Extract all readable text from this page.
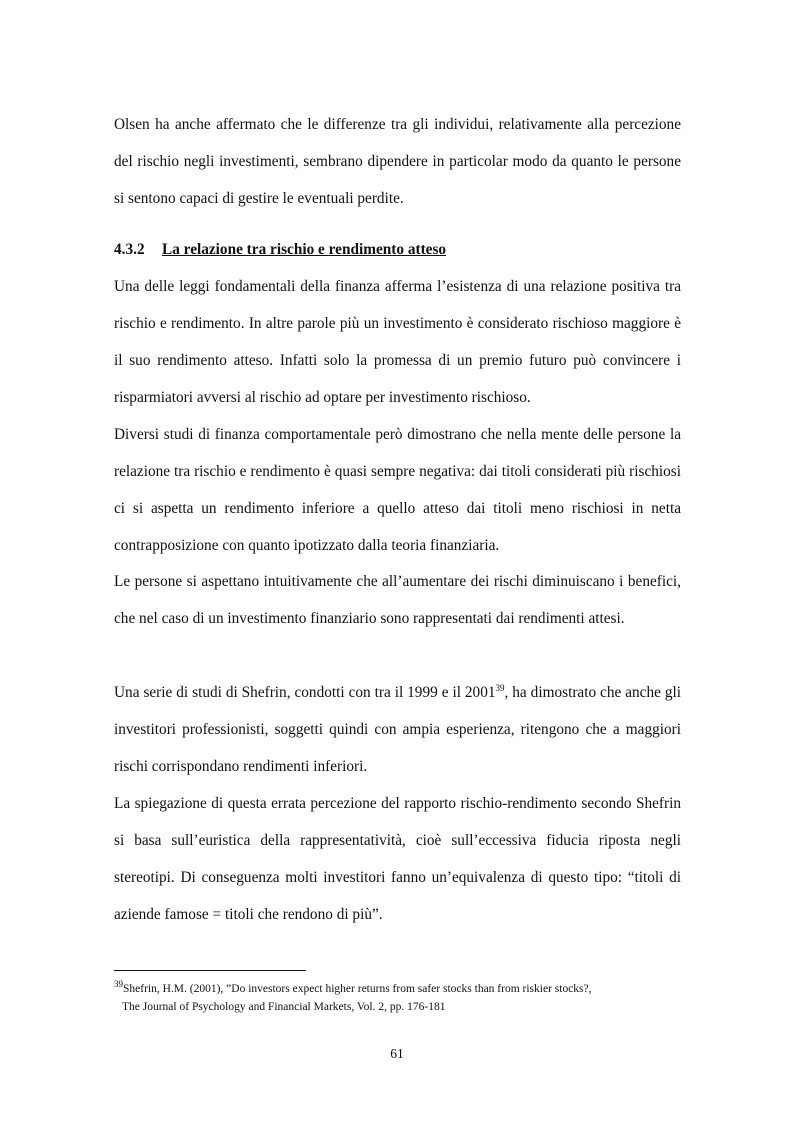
Olsen ha anche affermato che le differenze tra gli individui, relativamente alla percezione del rischio negli investimenti, sembrano dipendere in particolar modo da quanto le persone si sentono capaci di gestire le eventuali perdite.

4.3.2 La relazione tra rischio e rendimento atteso

Una delle leggi fondamentali della finanza afferma l’esistenza di una relazione positiva tra rischio e rendimento. In altre parole più un investimento è considerato rischioso maggiore è il suo rendimento atteso. Infatti solo la promessa di un premio futuro può convincere i risparmiatori avversi al rischio ad optare per investimento rischioso.

Diversi studi di finanza comportamentale però dimostrano che nella mente delle persone la relazione tra rischio e rendimento è quasi sempre negativa: dai titoli considerati più rischiosi ci si aspetta un rendimento inferiore a quello atteso dai titoli meno rischiosi in netta contrapposizione con quanto ipotizzato dalla teoria finanziaria.

Le persone si aspettano intuitivamente che all’aumentare dei rischi diminuiscano i benefici, che nel caso di un investimento finanziario sono rappresentati dai rendimenti attesi.

Una serie di studi di Shefrin, condotti con tra il 1999 e il 2001$^{39}$, ha dimostrato che anche gli investitori professionisti, soggetti quindi con ampia esperienza, ritengono che a maggiori rischi corrispondano rendimenti inferiori.

La spiegazione di questa errata percezione del rapporto rischio-rendimento secondo Shefrin si basa sull’euristica della rappresentatività, cioè sull’eccessiva fiducia riposta negli stereotipi. Di conseguenza molti investitori fanno un’equivalenza di questo tipo: “titoli di aziende famose = titoli che rendono di più”.

$^{39}$Shefrin, H.M. (2001), ”Do investors expect higher returns from safer stocks than from riskier stocks?,
The Journal of Psychology and Financial Markets, Vol. 2, pp. 176-181

61
